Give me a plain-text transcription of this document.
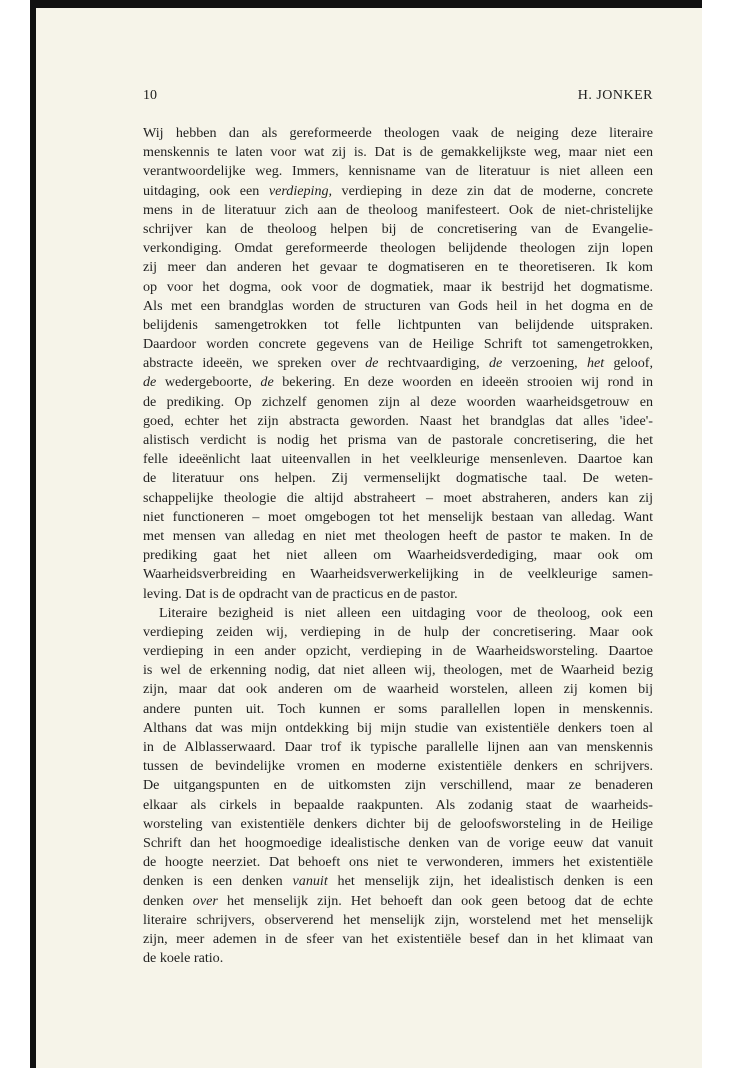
10	H. JONKER
Wij hebben dan als gereformeerde theologen vaak de neiging deze literaire
menskennis te laten voor wat zij is. Dat is de gemakkelijkste weg, maar niet een
verantwoordelijke weg. Immers, kennisname van de literatuur is niet alleen een
uitdaging, ook een verdieping, verdieping in deze zin dat de moderne, concrete
mens in de literatuur zich aan de theoloog manifesteert. Ook de niet-christelijke
schrijver kan de theoloog helpen bij de concretisering van de Evangelie-
verkondiging. Omdat gereformeerde theologen belijdende theologen zijn lopen
zij meer dan anderen het gevaar te dogmatiseren en te theoretiseren. Ik kom
op voor het dogma, ook voor de dogmatiek, maar ik bestrijd het dogmatisme.
Als met een brandglas worden de structuren van Gods heil in het dogma en de
belijdenis samengetrokken tot felle lichtpunten van belijdende uitspraken.
Daardoor worden concrete gegevens van de Heilige Schrift tot samengetrokken,
abstracte ideeën, we spreken over de rechtvaardiging, de verzoening, het geloof,
de wedergeboorte, de bekering. En deze woorden en ideeën strooien wij rond in
de prediking. Op zichzelf genomen zijn al deze woorden waarheidsgetrouw en
goed, echter het zijn abstracta geworden. Naast het brandglas dat alles 'idee'-
alistisch verdicht is nodig het prisma van de pastorale concretisering, die het
felle ideeënlicht laat uiteenvallen in het veelkleurige mensenleven. Daartoe kan
de literatuur ons helpen. Zij vermenselijkt dogmatische taal. De weten-
schappelijke theologie die altijd abstraheert – moet abstraheren, anders kan zij
niet functioneren – moet omgebogen tot het menselijk bestaan van alledag. Want
met mensen van alledag en niet met theologen heeft de pastor te maken. In de
prediking gaat het niet alleen om Waarheidsverdediging, maar ook om
Waarheidsverbreiding en Waarheidsverwerkelijking in de veelkleurige samen-
leving. Dat is de opdracht van de practicus en de pastor.
Literaire bezigheid is niet alleen een uitdaging voor de theoloog, ook een
verdieping zeiden wij, verdieping in de hulp der concretisering. Maar ook
verdieping in een ander opzicht, verdieping in de Waarheidsworsteling. Daartoe
is wel de erkenning nodig, dat niet alleen wij, theologen, met de Waarheid bezig
zijn, maar dat ook anderen om de waarheid worstelen, alleen zij komen bij
andere punten uit. Toch kunnen er soms parallellen lopen in menskennis.
Althans dat was mijn ontdekking bij mijn studie van existentiële denkers toen al
in de Alblasserwaard. Daar trof ik typische parallelle lijnen aan van menskennis
tussen de bevindelijke vromen en moderne existentiële denkers en schrijvers.
De uitgangspunten en de uitkomsten zijn verschillend, maar ze benaderen
elkaar als cirkels in bepaalde raakpunten. Als zodanig staat de waarheids-
worsteling van existentiële denkers dichter bij de geloofsworsteling in de Heilige
Schrift dan het hoogmoedige idealistische denken van de vorige eeuw dat vanuit
de hoogte neerziet. Dat behoeft ons niet te verwonderen, immers het existentiële
denken is een denken vanuit het menselijk zijn, het idealistisch denken is een
denken over het menselijk zijn. Het behoeft dan ook geen betoog dat de echte
literaire schrijvers, observerend het menselijk zijn, worstelend met het menselijk
zijn, meer ademen in de sfeer van het existentiële besef dan in het klimaat van
de koele ratio.
